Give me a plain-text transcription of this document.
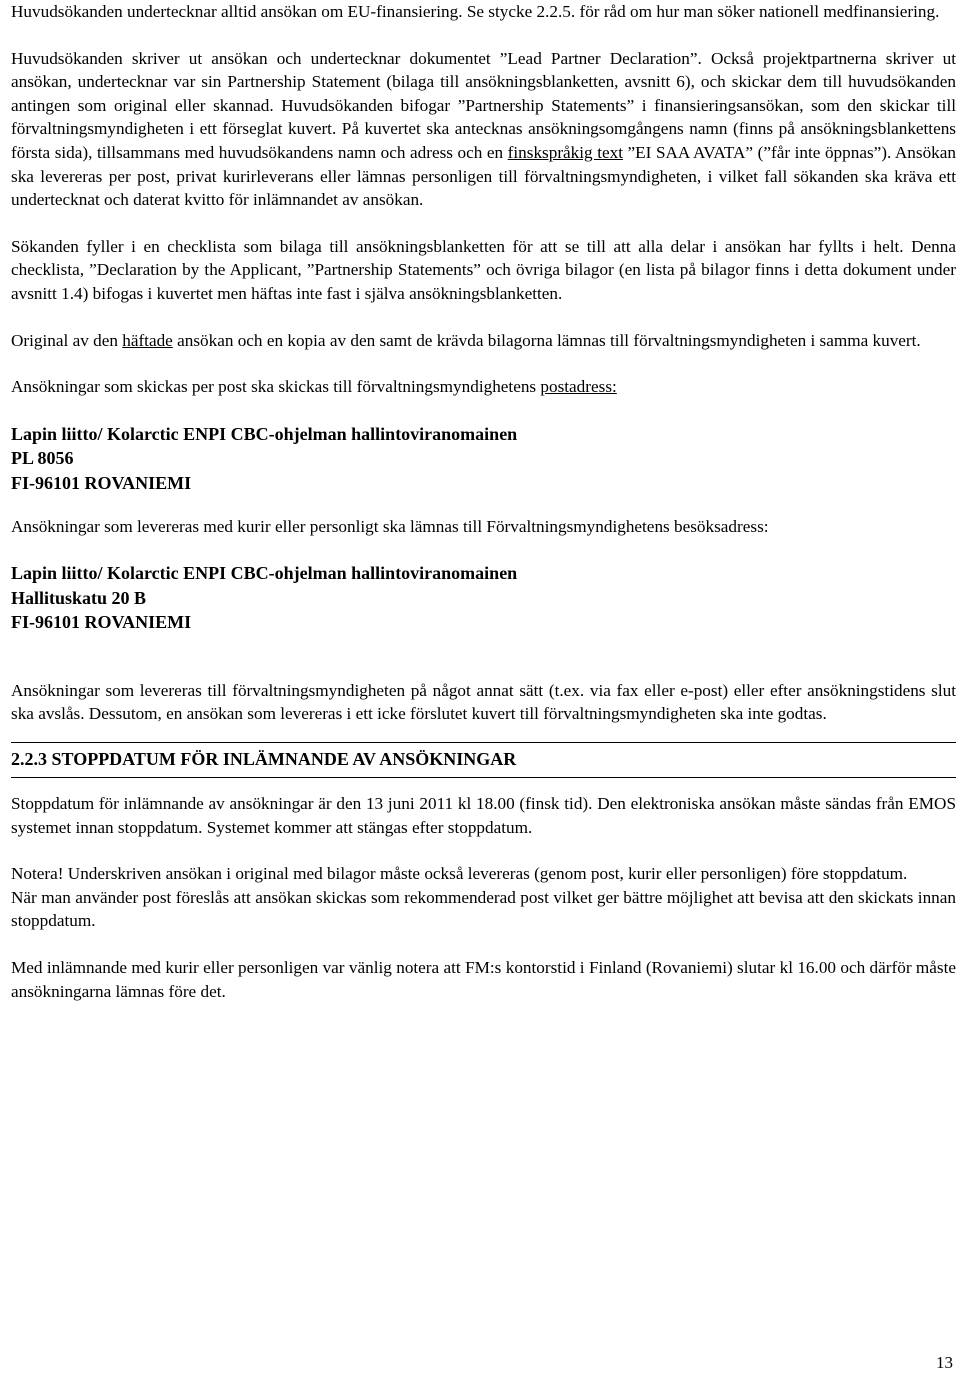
Huvudsökanden undertecknar alltid ansökan om EU-finansiering. Se stycke 2.2.5. för råd om hur man söker nationell medfinansiering.

Huvudsökanden skriver ut ansökan och undertecknar dokumentet ”Lead Partner Declaration”. Också projektpartnerna skriver ut ansökan, undertecknar var sin Partnership Statement (bilaga till ansökningsblanketten, avsnitt 6), och skickar dem till huvudsökanden antingen som original eller skannad. Huvudsökanden bifogar ”Partnership Statements” i finansieringsansökan, som den skickar till förvaltningsmyndigheten i ett förseglat kuvert. På kuvertet ska antecknas ansökningsomgångens namn (finns på ansökningsblankettens första sida), tillsammans med huvudsökandens namn och adress och en finskspråkig text ”EI SAA AVATA” (”får inte öppnas”). Ansökan ska levereras per post, privat kurirleverans eller lämnas personligen till förvaltningsmyndigheten, i vilket fall sökanden ska kräva ett undertecknat och daterat kvitto för inlämnandet av ansökan.

Sökanden fyller i en checklista som bilaga till ansökningsblanketten för att se till att alla delar i ansökan har fyllts i helt. Denna checklista, ”Declaration by the Applicant, ”Partnership Statements” och övriga bilagor (en lista på bilagor finns i detta dokument under avsnitt 1.4) bifogas i kuvertet men häftas inte fast i själva ansökningsblanketten.

Original av den häftade ansökan och en kopia av den samt de krävda bilagorna lämnas till förvaltningsmyndigheten i samma kuvert.

Ansökningar som skickas per post ska skickas till förvaltningsmyndighetens postadress:

Lapin liitto/ Kolarctic ENPI CBC-ohjelman hallintoviranomainen

PL 8056

FI-96101 ROVANIEMI

Ansökningar som levereras med kurir eller personligt ska lämnas till Förvaltningsmyndighetens besöksadress:

Lapin liitto/ Kolarctic ENPI CBC-ohjelman hallintoviranomainen

Hallituskatu 20 B

FI-96101 ROVANIEMI

Ansökningar som levereras till förvaltningsmyndigheten på något annat sätt (t.ex. via fax eller e-post) eller efter ansökningstidens slut ska avslås. Dessutom, en ansökan som levereras i ett icke förslutet kuvert till förvaltningsmyndigheten ska inte godtas.

2.2.3 STOPPDATUM FÖR INLÄMNANDE AV ANSÖKNINGAR

Stoppdatum för inlämnande av ansökningar är den 13 juni 2011 kl 18.00 (finsk tid). Den elektroniska ansökan måste sändas från EMOS systemet innan stoppdatum. Systemet kommer att stängas efter stoppdatum.

Notera! Underskriven ansökan i original med bilagor måste också levereras (genom post, kurir eller personligen) före stoppdatum.

När man använder post föreslås att ansökan skickas som rekommenderad post vilket ger bättre möjlighet att bevisa att den skickats innan stoppdatum.

Med inlämnande med kurir eller personligen var vänlig notera att FM:s kontorstid i Finland (Rovaniemi) slutar kl 16.00 och därför måste ansökningarna lämnas före det.

13
